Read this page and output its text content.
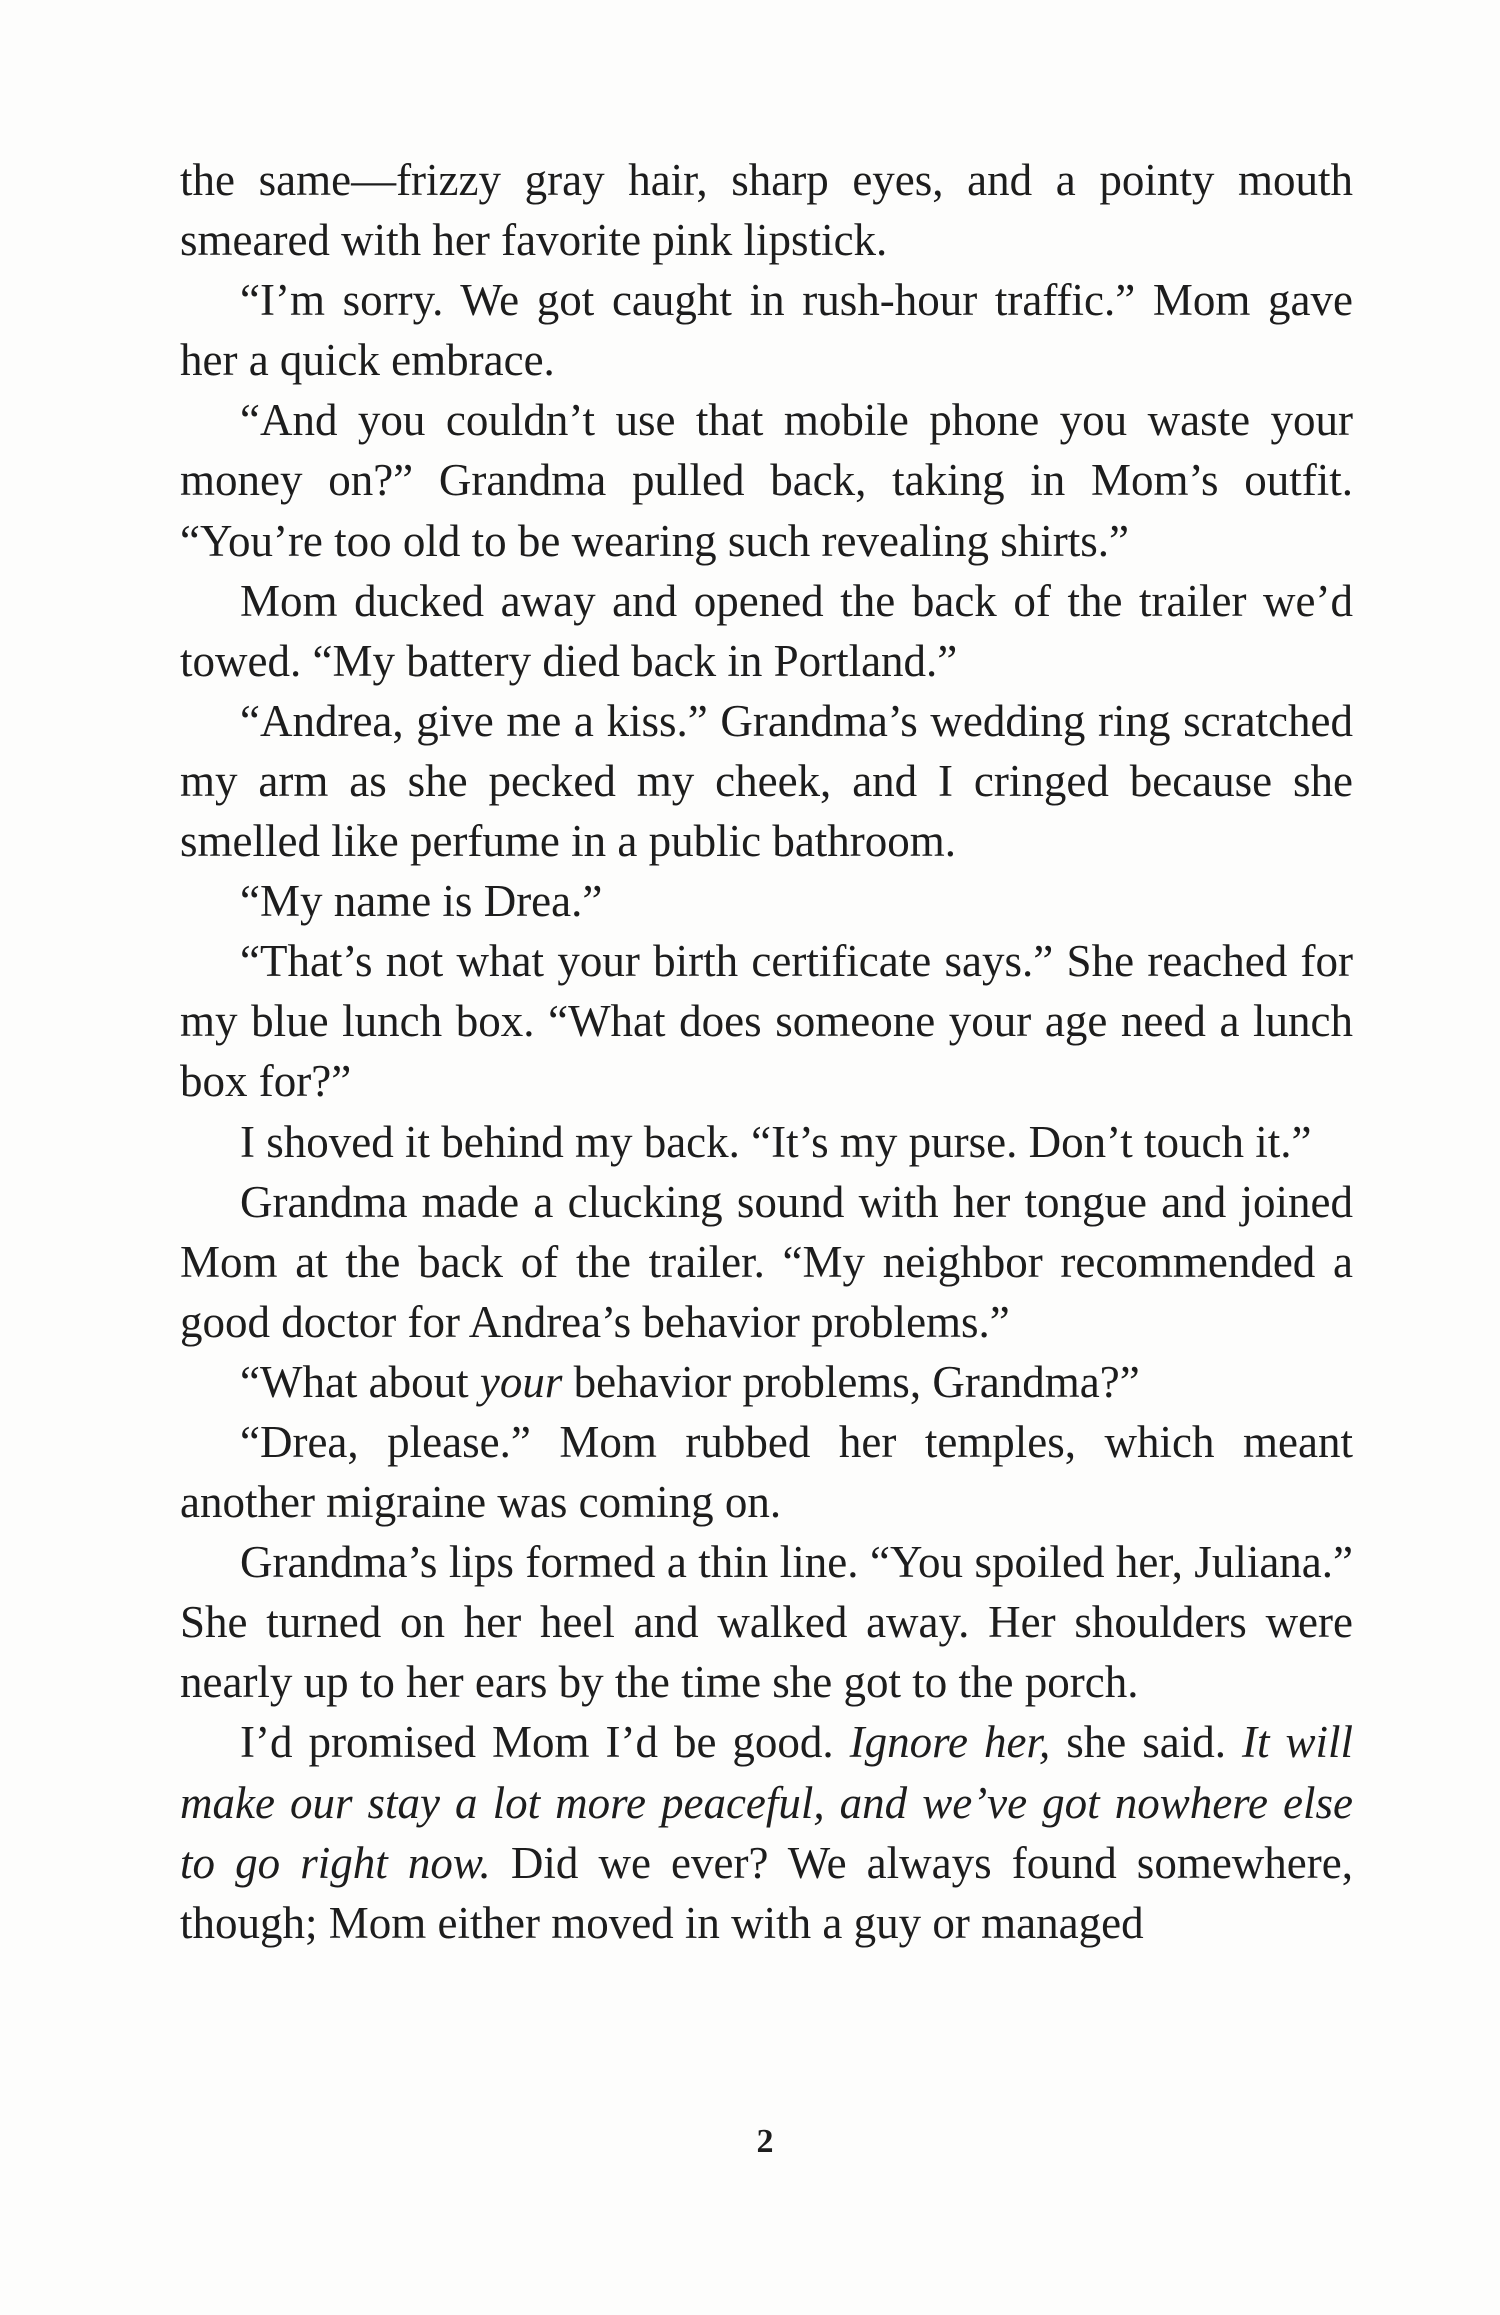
the same—frizzy gray hair, sharp eyes, and a pointy mouth smeared with her favorite pink lipstick.

“I’m sorry. We got caught in rush-hour traffic.” Mom gave her a quick embrace.

“And you couldn’t use that mobile phone you waste your money on?” Grandma pulled back, taking in Mom’s outfit. “You’re too old to be wearing such revealing shirts.”

Mom ducked away and opened the back of the trailer we’d towed. “My battery died back in Portland.”

“Andrea, give me a kiss.” Grandma’s wedding ring scratched my arm as she pecked my cheek, and I cringed because she smelled like perfume in a public bathroom.

“My name is Drea.”

“That’s not what your birth certificate says.” She reached for my blue lunch box. “What does someone your age need a lunch box for?”

I shoved it behind my back. “It’s my purse. Don’t touch it.”

Grandma made a clucking sound with her tongue and joined Mom at the back of the trailer. “My neighbor recommended a good doctor for Andrea’s behavior problems.”

“What about your behavior problems, Grandma?”

“Drea, please.” Mom rubbed her temples, which meant another migraine was coming on.

Grandma’s lips formed a thin line. “You spoiled her, Juliana.” She turned on her heel and walked away. Her shoulders were nearly up to her ears by the time she got to the porch.

I’d promised Mom I’d be good. Ignore her, she said. It will make our stay a lot more peaceful, and we’ve got nowhere else to go right now. Did we ever? We always found somewhere, though; Mom either moved in with a guy or managed

2
